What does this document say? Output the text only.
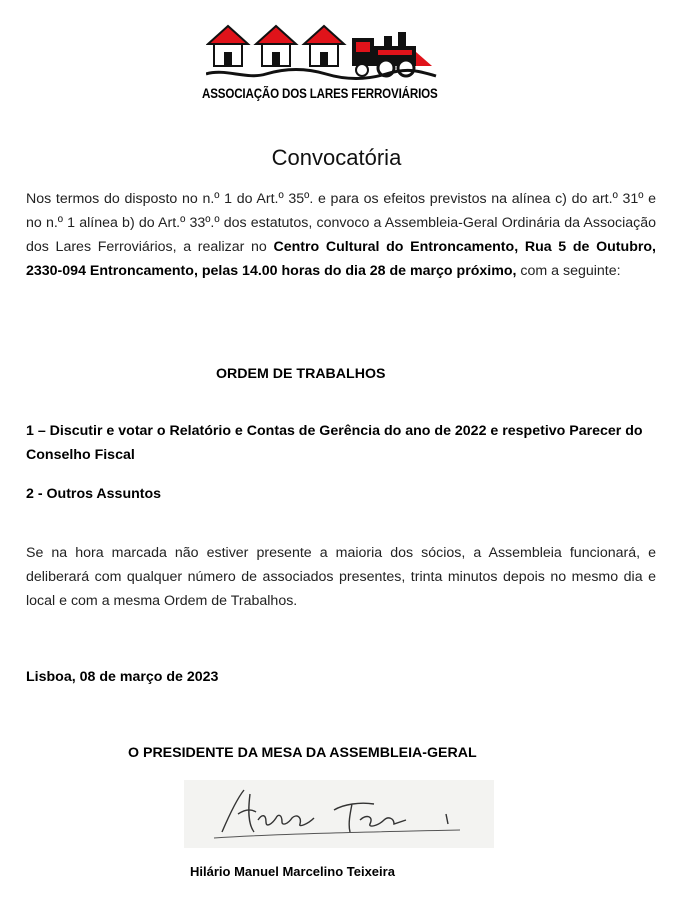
ASSOCIAÇÃO DOS LARES FERROVIÁRIOS
Convocatória
Nos termos do disposto no n.º 1 do Art.º 35º. e para os efeitos previstos na alínea c) do art.º 31º e no n.º 1 alínea b) do Art.º 33º.º dos estatutos, convoco a Assembleia-Geral Ordinária da Associação dos Lares Ferroviários, a realizar no Centro Cultural do Entroncamento, Rua 5 de Outubro, 2330-094 Entroncamento, pelas 14.00 horas do dia 28 de março próximo, com a seguinte:
ORDEM DE TRABALHOS
1 – Discutir e votar o Relatório e Contas de Gerência do ano de 2022 e respetivo Parecer do Conselho Fiscal
2 - Outros Assuntos
Se na hora marcada não estiver presente a maioria dos sócios, a Assembleia funcionará, e deliberará com qualquer número de associados presentes, trinta minutos depois no mesmo dia e local e com a mesma Ordem de Trabalhos.
Lisboa, 08 de março de 2023
O PRESIDENTE DA MESA DA ASSEMBLEIA-GERAL
Hilário Manuel Marcelino Teixeira
